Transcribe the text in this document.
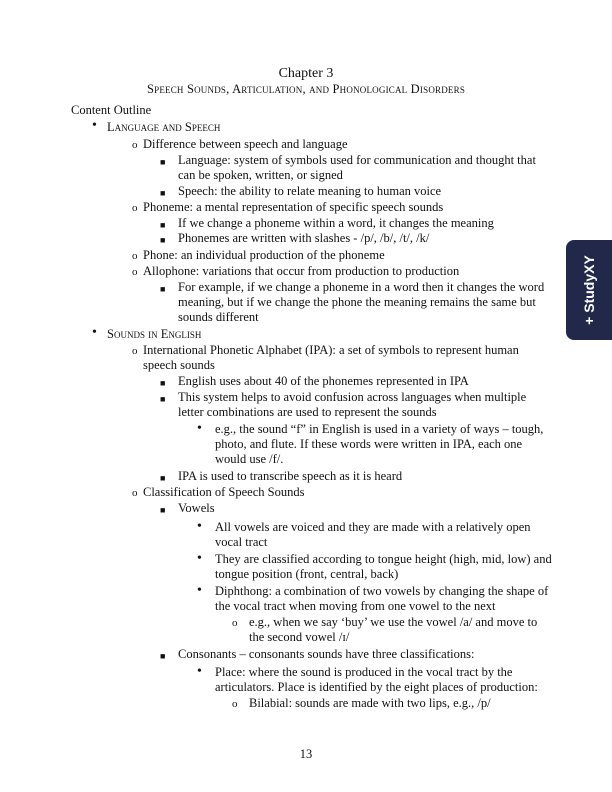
Chapter 3
Speech Sounds, Articulation, and Phonological Disorders
Content Outline
• Language and Speech
o Difference between speech and language
■ Language: system of symbols used for communication and thought that
can be spoken, written, or signed
■ Speech: the ability to relate meaning to human voice
o Phoneme: a mental representation of specific speech sounds
■ If we change a phoneme within a word, it changes the meaning
■ Phonemes are written with slashes - /p/, /b/, /t/, /k/
o Phone: an individual production of the phoneme
o Allophone: variations that occur from production to production
■ For example, if we change a phoneme in a word then it changes the word
meaning, but if we change the phone the meaning remains the same but
sounds different
• Sounds in English
o International Phonetic Alphabet (IPA): a set of symbols to represent human
speech sounds
■ English uses about 40 of the phonemes represented in IPA
■ This system helps to avoid confusion across languages when multiple
letter combinations are used to represent the sounds
• e.g., the sound “f” in English is used in a variety of ways – tough,
photo, and flute. If these words were written in IPA, each one
would use /f/.
■ IPA is used to transcribe speech as it is heard
o Classification of Speech Sounds
■ Vowels
• All vowels are voiced and they are made with a relatively open
vocal tract
• They are classified according to tongue height (high, mid, low) and
tongue position (front, central, back)
• Diphthong: a combination of two vowels by changing the shape of
the vocal tract when moving from one vowel to the next
o e.g., when we say ‘buy’ we use the vowel /a/ and move to
the second vowel /ɪ/
■ Consonants – consonants sounds have three classifications:
• Place: where the sound is produced in the vocal tract by the
articulators. Place is identified by the eight places of production:
o Bilabial: sounds are made with two lips, e.g., /p/
13
+ StudyXY
